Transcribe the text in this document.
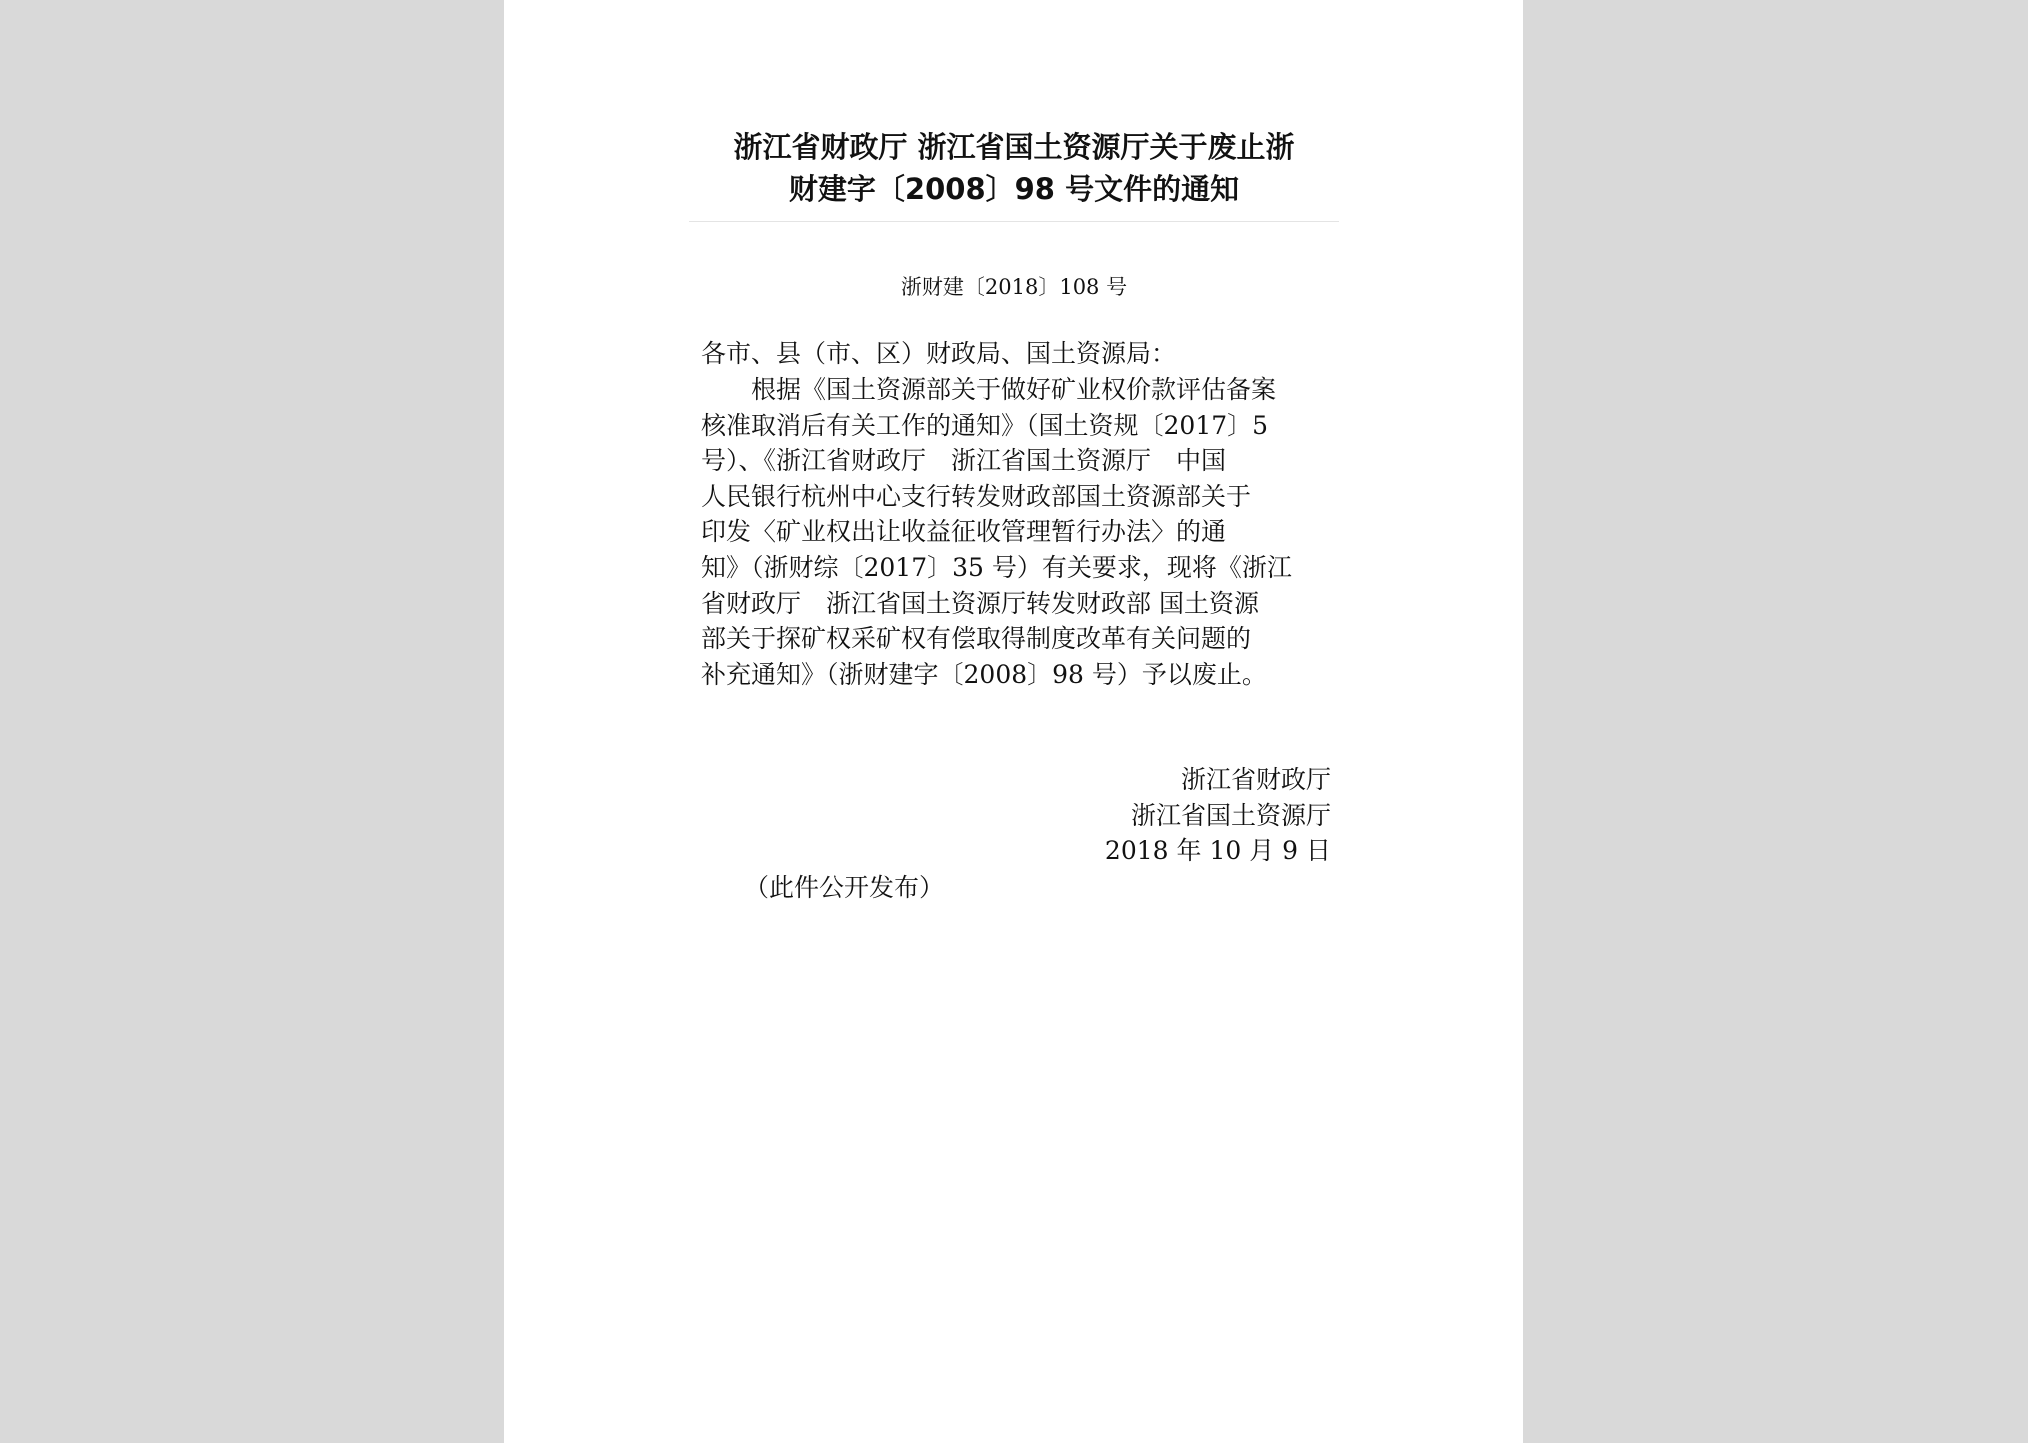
浙江省财政厅 浙江省国土资源厅关于废止浙
财建字〔2008〕98 号文件的通知
浙财建〔2018〕108 号
各市、县（市、区）财政局、国土资源局：
根据《国土资源部关于做好矿业权价款评估备案
核准取消后有关工作的通知》（国土资规〔2017〕5
号）、《浙江省财政厅　浙江省国土资源厅　中国
人民银行杭州中心支行转发财政部国土资源部关于
印发〈矿业权出让收益征收管理暂行办法〉的通
知》（浙财综〔2017〕35 号）有关要求，现将《浙江
省财政厅　浙江省国土资源厅转发财政部 国土资源
部关于探矿权采矿权有偿取得制度改革有关问题的
补充通知》（浙财建字〔2008〕98 号）予以废止。
浙江省财政厅
浙江省国土资源厅
2018 年 10 月 9 日
（此件公开发布）
